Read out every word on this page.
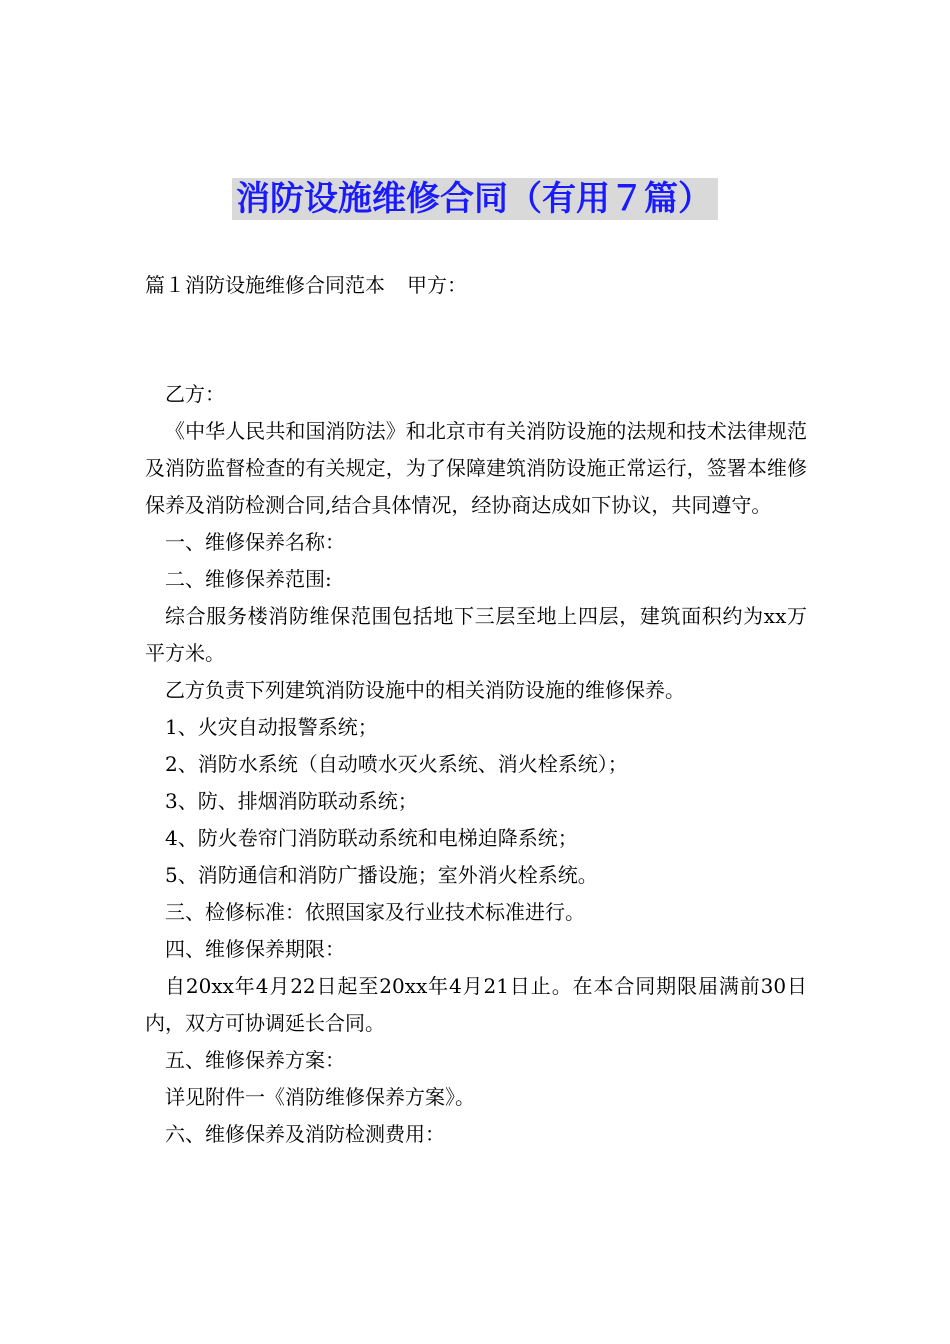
消防设施维修合同（有用７篇）

篇１消防设施维修合同范本 甲方：

乙方：

《中华人民共和国消防法》和北京市有关消防设施的法规和技术法律规范及消防监督检查的有关规定，为了保障建筑消防设施正常运行，签署本维修保养及消防检测合同,结合具体情况，经协商达成如下协议，共同遵守。

一、维修保养名称：

二、维修保养范围:

综合服务楼消防维保范围包括地下三层至地上四层，建筑面积约为xx万平方米。

乙方负责下列建筑消防设施中的相关消防设施的维修保养。

1、火灾自动报警系统；

2、消防水系统（自动喷水灭火系统、消火栓系统）；

3、防、排烟消防联动系统；

4、防火卷帘门消防联动系统和电梯迫降系统；

5、消防通信和消防广播设施；室外消火栓系统。

三、检修标准：依照国家及行业技术标准进行。

四、维修保养期限：

自20xx年4月22日起至20xx年4月21日止。在本合同期限届满前30日内，双方可协调延长合同。

五、维修保养方案：

详见附件一《消防维修保养方案》。

六、维修保养及消防检测费用：
